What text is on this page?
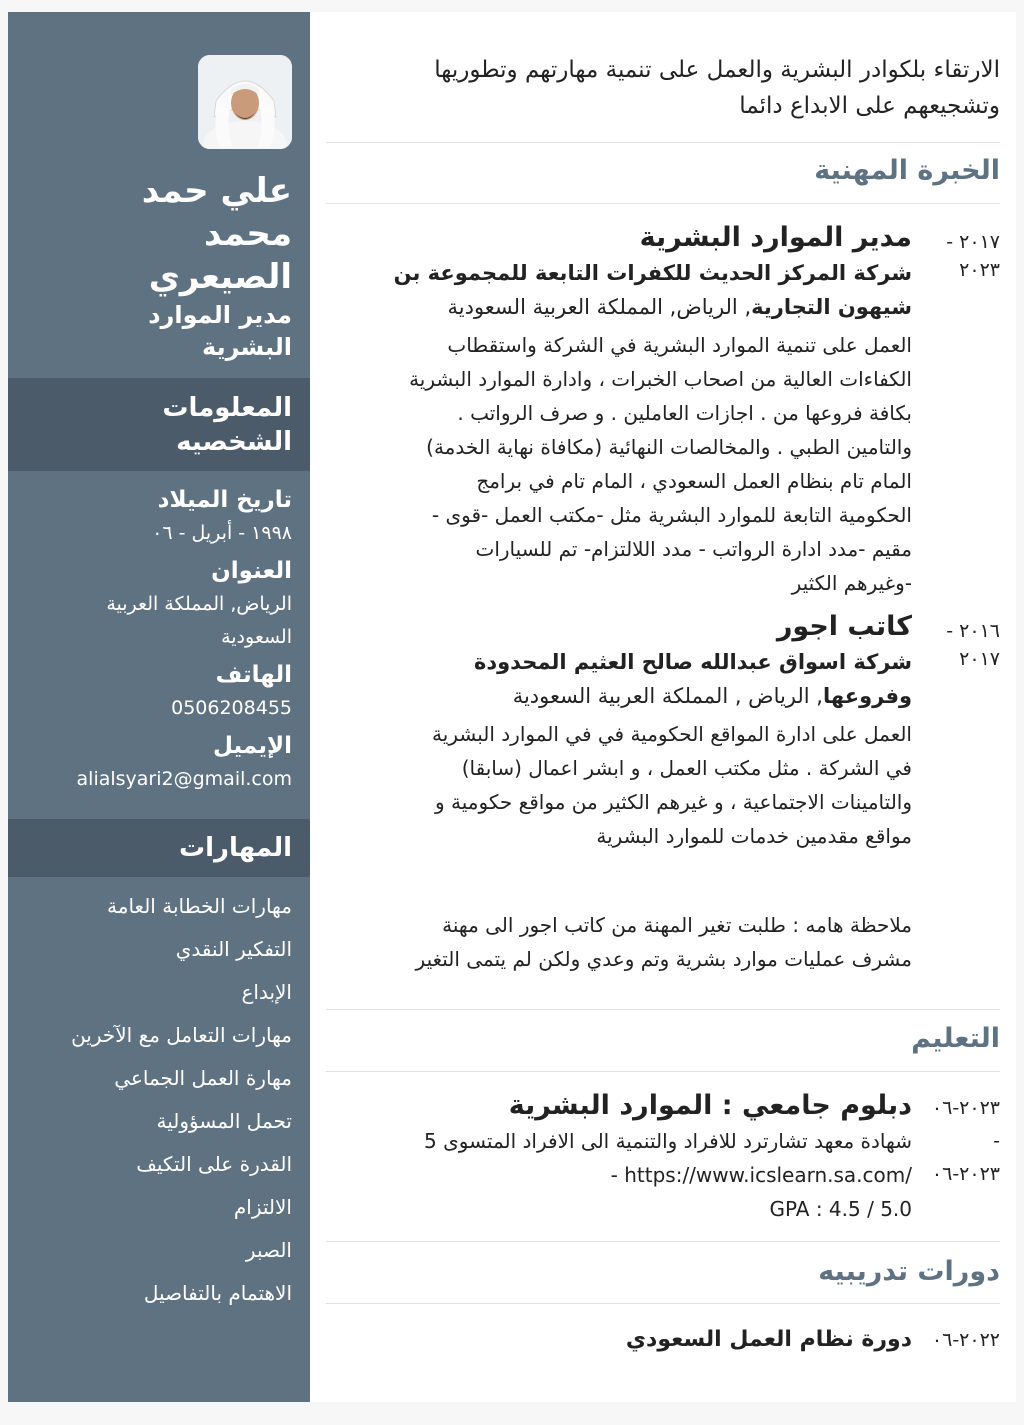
علي حمد
محمد
الصيعري
مدير الموارد
البشرية
المعلومات
الشخصيه
تاريخ الميلاد
١٩٩٨ - أبريل - ٠٦
العنوان
الرياض, المملكة العربية
السعودية
الهاتف
0506208455
الإيميل
alialsyari2@gmail.com
المهارات
مهارات الخطابة العامة
التفكير النقدي
الإبداع
مهارات التعامل مع الآخرين
مهارة العمل الجماعي
تحمل المسؤولية
القدرة على التكيف
الالتزام
الصبر
الاهتمام بالتفاصيل
الارتقاء بلكوادر البشرية والعمل على تنمية مهارتهم وتطوريها
وتشجيعهم على الابداع دائما
الخبرة المهنية
٢٠١٧ -
٢٠٢٣
مدير الموارد البشرية
شركة المركز الحديث للكفرات التابعة للمجموعة بن
شيهون التجارية, الرياض, المملكة العربية السعودية
العمل على تنمية الموارد البشرية في الشركة واستقطاب
الكفاءات العالية من اصحاب الخبرات ، وادارة الموارد البشرية
بكافة فروعها من . اجازات العاملين . و صرف الرواتب .
والتامين الطبي . والمخالصات النهائية (مكافاة نهاية الخدمة)
المام تام بنظام العمل السعودي ، المام تام في برامج
الحكومية التابعة للموارد البشرية مثل -مكتب العمل -قوى -
مقيم -مدد ادارة الرواتب - مدد اللالتزام- تم للسيارات
-وغيرهم الكثير
٢٠١٦ -
٢٠١٧
كاتب اجور
شركة اسواق عبدالله صالح العثيم المحدودة
وفروعها, الرياض , المملكة العربية السعودية
العمل على ادارة المواقع الحكومية في في الموارد البشرية
في الشركة . مثل مكتب العمل ، و ابشر اعمال (سابقا)
والتامينات الاجتماعية ، و غيرهم الكثير من مواقع حكومية و
مواقع مقدمين خدمات للموارد البشرية
ملاحظة هامه : طلبت تغير المهنة من كاتب اجور الى مهنة
مشرف عمليات موارد بشرية وتم وعدي ولكن لم يتمى التغير
التعليم
٢٠٢٣-٠٦
-
٢٠٢٣-٠٦
دبلوم جامعي : الموارد البشرية
شهادة معهد تشارترد للافراد والتنمية الى الافراد المتسوى 5
- https://www.icslearn.sa.com/
GPA : 4.5 / 5.0
دورات تدريبيه
٢٠٢٢-٠٦
دورة نظام العمل السعودي
